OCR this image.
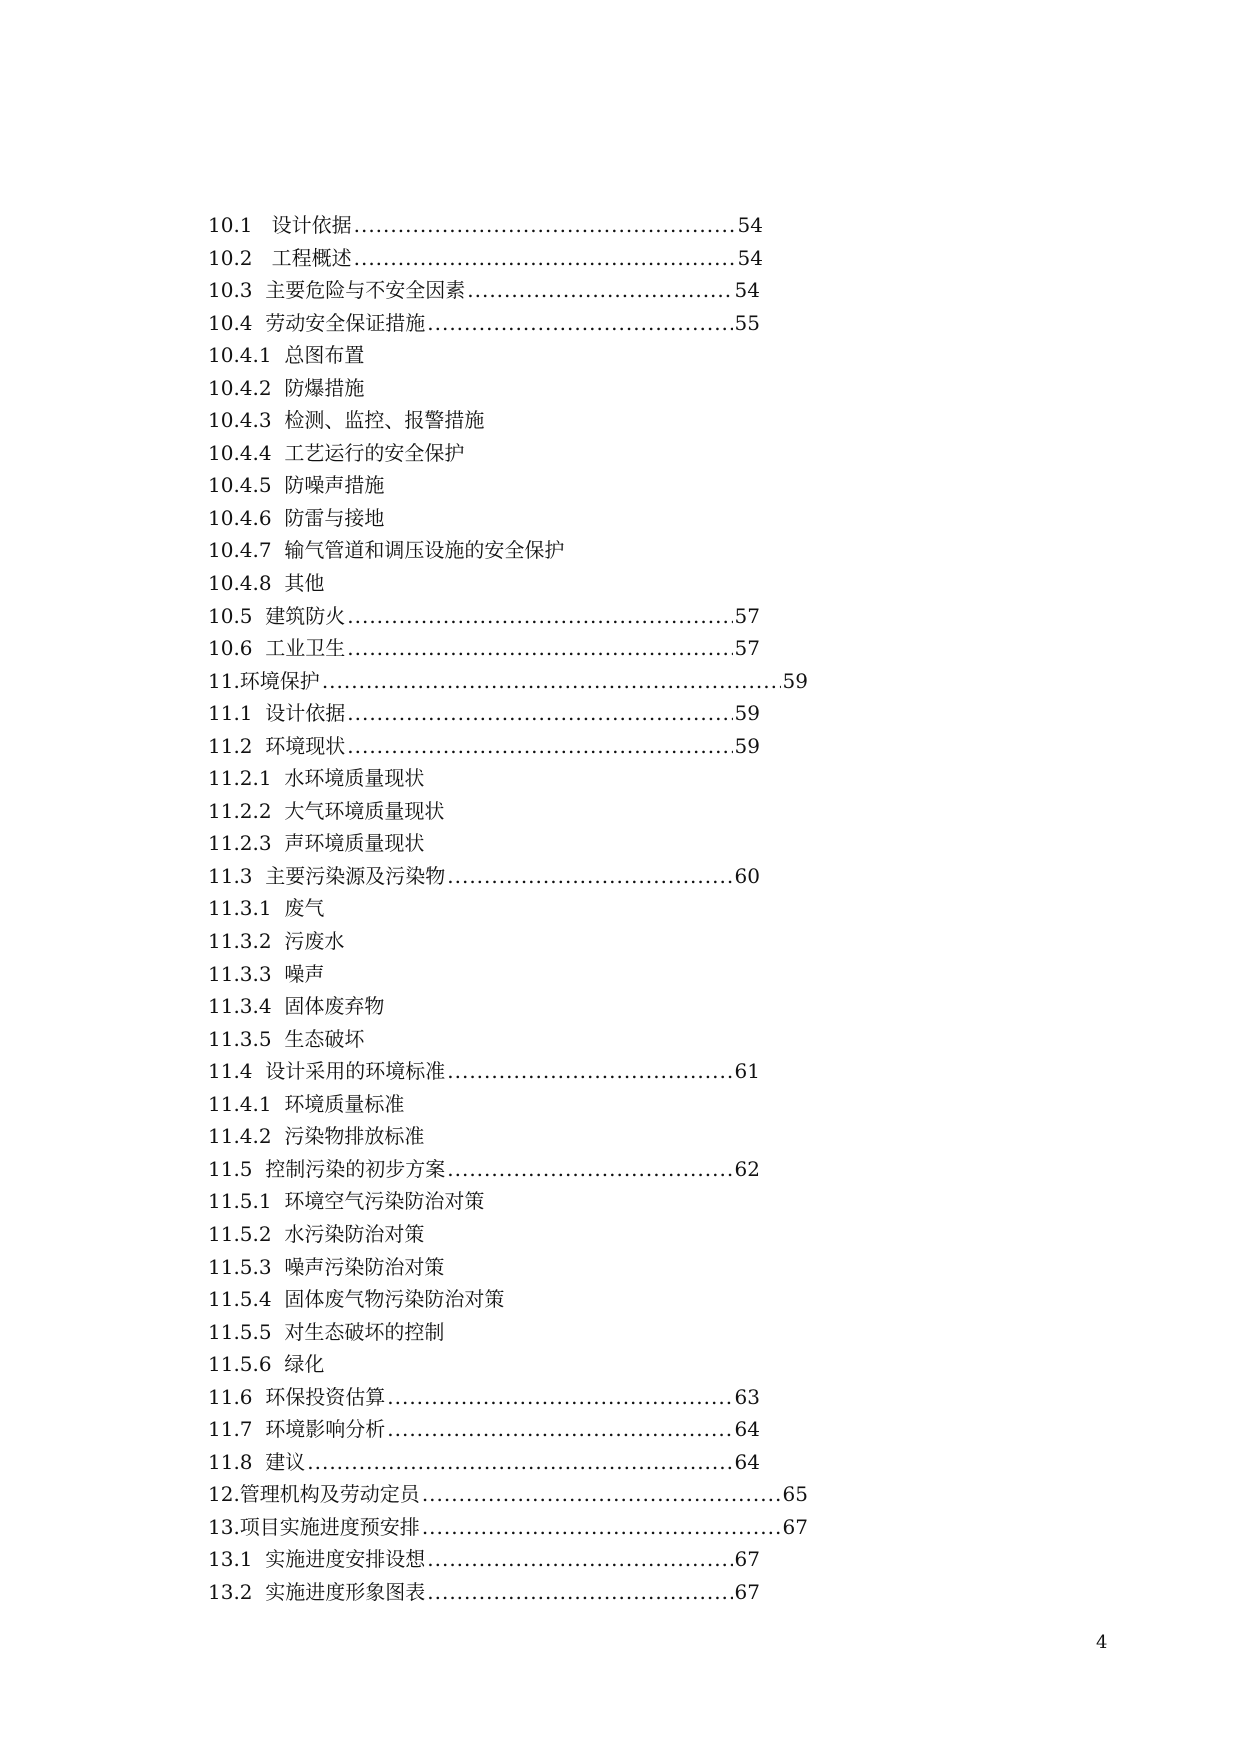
10.1   设计依据 .....	54
10.2   工程概述 .....	54
10.3  主要危险与不安全因素 .....	54
10.4  劳动安全保证措施 .....	55
10.4.1  总图布置
10.4.2  防爆措施
10.4.3  检测、监控、报警措施
10.4.4  工艺运行的安全保护
10.4.5  防噪声措施
10.4.6  防雷与接地
10.4.7  输气管道和调压设施的安全保护
10.4.8  其他
10.5  建筑防火 .....	57
10.6  工业卫生 .....	57
11.环境保护 .....	59
11.1  设计依据 .....	59
11.2  环境现状 .....	59
11.2.1  水环境质量现状
11.2.2  大气环境质量现状
11.2.3  声环境质量现状
11.3  主要污染源及污染物 .....	60
11.3.1  废气
11.3.2  污废水
11.3.3  噪声
11.3.4  固体废弃物
11.3.5  生态破坏
11.4  设计采用的环境标准 .....	61
11.4.1  环境质量标准
11.4.2  污染物排放标准
11.5  控制污染的初步方案 .....	62
11.5.1  环境空气污染防治对策
11.5.2  水污染防治对策
11.5.3  噪声污染防治对策
11.5.4  固体废气物污染防治对策
11.5.5  对生态破坏的控制
11.5.6  绿化
11.6  环保投资估算 .....	63
11.7  环境影响分析 .....	64
11.8  建议 .....	64
12.管理机构及劳动定员 .....	65
13.项目实施进度预安排 .....	67
13.1  实施进度安排设想 .....	67
13.2  实施进度形象图表 .....	67
4
